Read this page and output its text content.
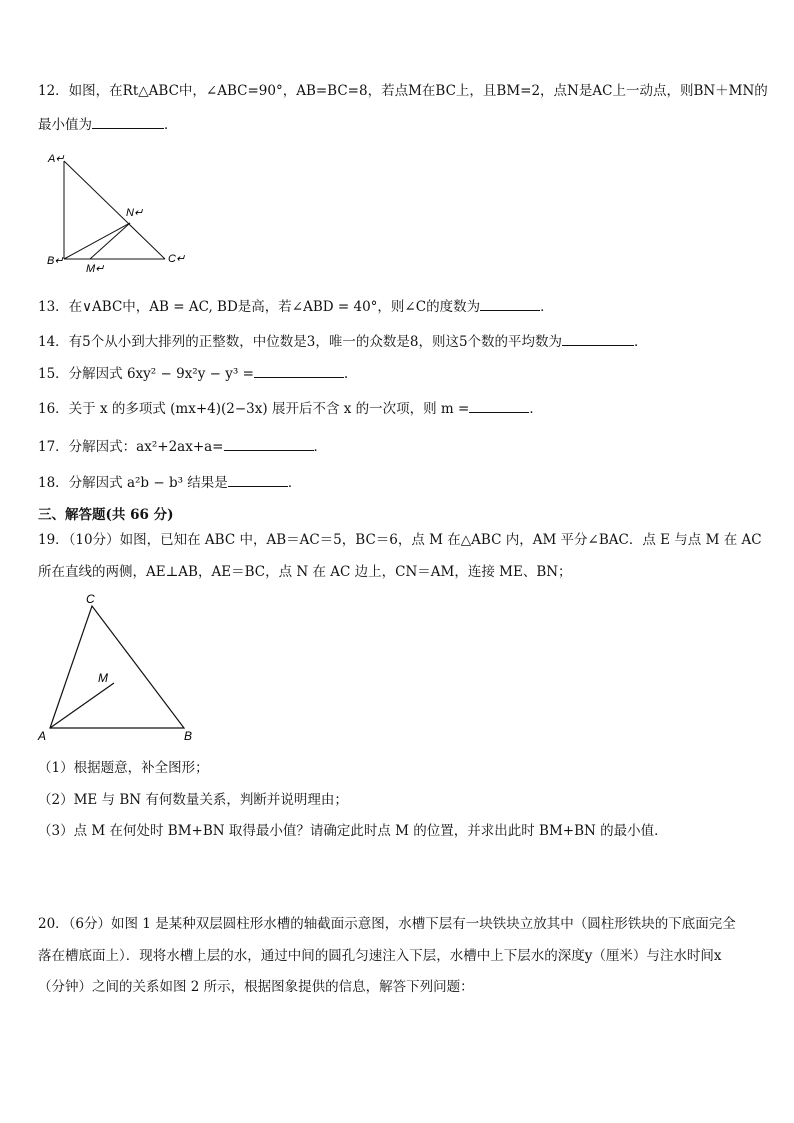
12．如图，在Rt△ABC中，∠ABC=90°，AB=BC=8，若点M在BC上，且BM=2，点N是AC上一动点，则BN＋MN的
最小值为	．
A↵
N↵
B↵
M↵
C↵
13．在∨ABC中，AB = AC, BD是高，若∠ABD = 40°，则∠C的度数为	．
14．有5个从小到大排列的正整数，中位数是3，唯一的众数是8，则这5个数的平均数为	．
15．分解因式 6xy² − 9x²y − y³ =	.
16．关于 x 的多项式 (mx+4)(2−3x) 展开后不含 x 的一次项，则 m =	．
17．分解因式：ax²+2ax+a=	．
18．分解因式 a²b − b³ 结果是	．
三、解答题(共 66 分)
19．（10分）如图，已知在 ABC 中，AB＝AC＝5，BC＝6，点 M 在△ABC 内，AM 平分∠BAC．点 E 与点 M 在 AC
所在直线的两侧，AE⊥AB，AE＝BC，点 N 在 AC 边上，CN＝AM，连接 ME、BN；
C
M
A	B
（1）根据题意，补全图形；
（2）ME 与 BN 有何数量关系，判断并说明理由；
（3）点 M 在何处时 BM+BN 取得最小值？请确定此时点 M 的位置，并求出此时 BM+BN 的最小值．
20．（6分）如图 1 是某种双层圆柱形水槽的轴截面示意图，水槽下层有一块铁块立放其中（圆柱形铁块的下底面完全
落在槽底面上）．现将水槽上层的水，通过中间的圆孔匀速注入下层，水槽中上下层水的深度y（厘米）与注水时间x
（分钟）之间的关系如图 2 所示，根据图象提供的信息，解答下列问题：
